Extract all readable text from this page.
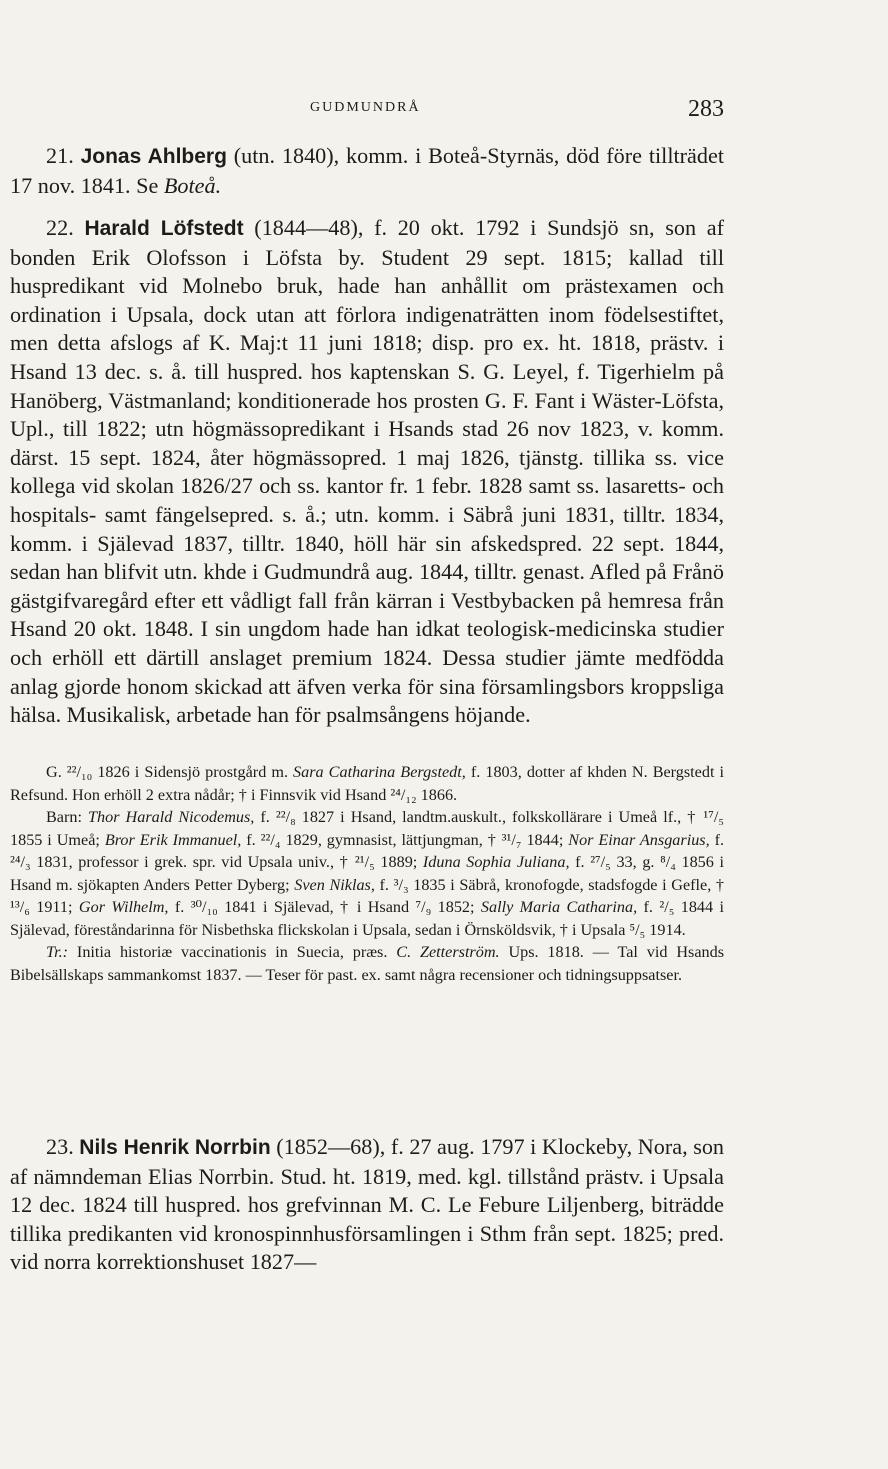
GUDMUNDRÅ	283

21. Jonas Ahlberg (utn. 1840), komm. i Boteå-Styrnäs, död före tillträdet 17 nov. 1841. Se Boteå.

22. Harald Löfstedt (1844—48), f. 20 okt. 1792 i Sundsjö sn, son af bonden Erik Olofsson i Löfsta by. Student 29 sept. 1815; kallad till huspredikant vid Molnebo bruk, hade han anhållit om prästexamen och ordination i Upsala, dock utan att förlora indigenaträtten inom födelsestiftet, men detta afslogs af K. Maj:t 11 juni 1818; disp. pro ex. ht. 1818, prästv. i Hsand 13 dec. s. å. till huspred. hos kaptenskan S. G. Leyel, f. Tigerhielm på Hanöberg, Västmanland; konditionerade hos prosten G. F. Fant i Wäster-Löfsta, Upl., till 1822; utn högmässopredikant i Hsands stad 26 nov 1823, v. komm. därst. 15 sept. 1824, åter högmässopred. 1 maj 1826, tjänstg. tillika ss. vice kollega vid skolan 1826/27 och ss. kantor fr. 1 febr. 1828 samt ss. lasaretts- och hospitals- samt fängelsepred. s. å.; utn. komm. i Säbrå juni 1831, tilltr. 1834, komm. i Själevad 1837, tilltr. 1840, höll här sin afskedspred. 22 sept. 1844, sedan han blifvit utn. khde i Gudmundrå aug. 1844, tilltr. genast. Afled på Frånö gästgifvaregård efter ett vådligt fall från kärran i Vestbybacken på hemresa från Hsand 20 okt. 1848. I sin ungdom hade han idkat teologisk-medicinska studier och erhöll ett därtill anslaget premium 1824. Dessa studier jämte medfödda anlag gjorde honom skickad att äfven verka för sina församlingsbors kroppsliga hälsa. Musikalisk, arbetade han för psalmsångens höjande.

G. ²²/₁₀ 1826 i Sidensjö prostgård m. Sara Catharina Bergstedt, f. 1803, dotter af khden N. Bergstedt i Refsund. Hon erhöll 2 extra nådår; † i Finnsvik vid Hsand ²⁴/₁₂ 1866.

Barn: Thor Harald Nicodemus, f. ²²/₈ 1827 i Hsand, landtm.auskult., folkskollärare i Umeå lf., † ¹⁷/₅ 1855 i Umeå; Bror Erik Immanuel, f. ²²/₄ 1829, gymnasist, lättjungman, † ³¹/₇ 1844; Nor Einar Ansgarius, f. ²⁴/₃ 1831, professor i grek. spr. vid Upsala univ., † ²¹/₅ 1889; Iduna Sophia Juliana, f. ²⁷/₅ 33, g. ⁸/₄ 1856 i Hsand m. sjökapten Anders Petter Dyberg; Sven Niklas, f. ³/₃ 1835 i Säbrå, kronofogde, stadsfogde i Gefle, † ¹³/₆ 1911; Gor Wilhelm, f. ³⁰/₁₀ 1841 i Själevad, † i Hsand ⁷/₉ 1852; Sally Maria Catharina, f. ²/₅ 1844 i Själevad, föreståndarinna för Nisbethska flickskolan i Upsala, sedan i Örnsköldsvik, † i Upsala ⁵/₅ 1914.

Tr.: Initia historiæ vaccinationis in Suecia, præs. C. Zetterström. Ups. 1818. — Tal vid Hsands Bibelsällskaps sammankomst 1837. — Teser för past. ex. samt några recensioner och tidningsuppsatser.

23. Nils Henrik Norrbin (1852—68), f. 27 aug. 1797 i Klockeby, Nora, son af nämndeman Elias Norrbin. Stud. ht. 1819, med. kgl. tillstånd prästv. i Upsala 12 dec. 1824 till huspred. hos grefvinnan M. C. Le Febure Liljenberg, biträdde tillika predikanten vid kronospinnhusförsamlingen i Sthm från sept. 1825; pred. vid norra korrektionshuset 1827—
